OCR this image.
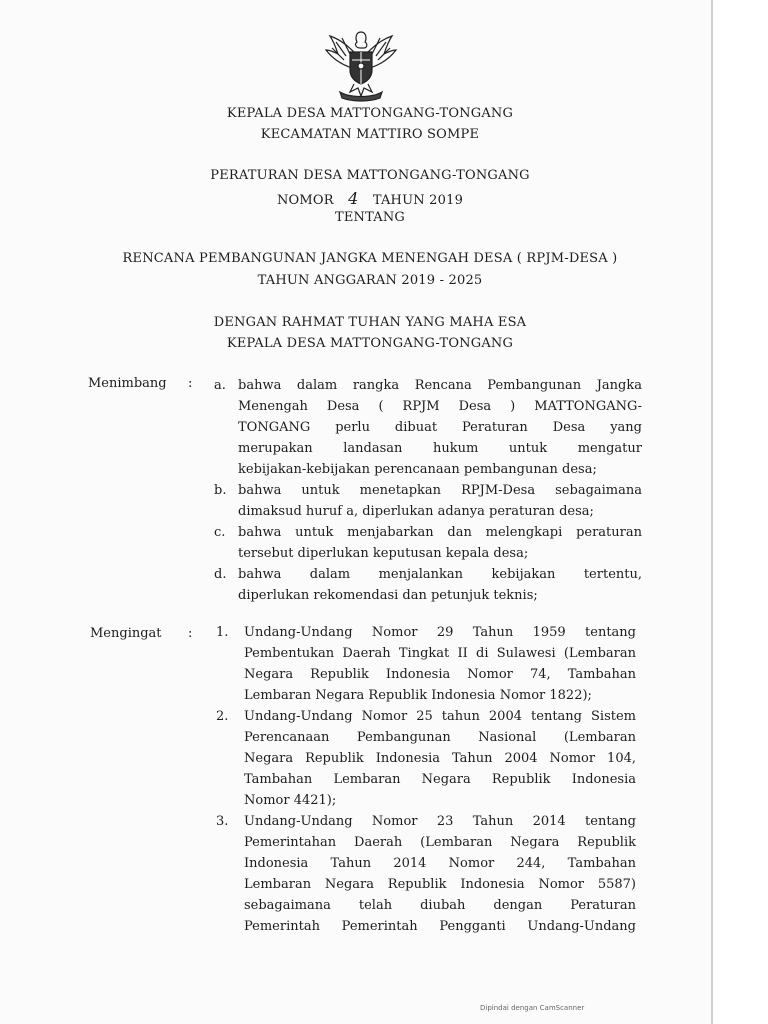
KEPALA DESA MATTONGANG-TONGANG
KECAMATAN MATTIRO SOMPE
PERATURAN DESA MATTONGANG-TONGANG
NOMOR 4 TAHUN 2019
TENTANG
RENCANA PEMBANGUNAN JANGKA MENENGAH DESA ( RPJM-DESA )
TAHUN ANGGARAN 2019 - 2025
DENGAN RAHMAT TUHAN YANG MAHA ESA
KEPALA DESA MATTONGANG-TONGANG
Menimbang : a. bahwa dalam rangka Rencana Pembangunan Jangka
Menengah Desa ( RPJM Desa ) MATTONGANG-
TONGANG perlu dibuat Peraturan Desa yang
merupakan landasan hukum untuk mengatur
kebijakan-kebijakan perencanaan pembangunan desa;
b. bahwa untuk menetapkan RPJM-Desa sebagaimana
dimaksud huruf a, diperlukan adanya peraturan desa;
c. bahwa untuk menjabarkan dan melengkapi peraturan
tersebut diperlukan keputusan kepala desa;
d. bahwa dalam menjalankan kebijakan tertentu,
diperlukan rekomendasi dan petunjuk teknis;
Mengingat : 1. Undang-Undang Nomor 29 Tahun 1959 tentang
Pembentukan Daerah Tingkat II di Sulawesi (Lembaran
Negara Republik Indonesia Nomor 74, Tambahan
Lembaran Negara Republik Indonesia Nomor 1822);
2. Undang-Undang Nomor 25 tahun 2004 tentang Sistem
Perencanaan Pembangunan Nasional (Lembaran
Negara Republik Indonesia Tahun 2004 Nomor 104,
Tambahan Lembaran Negara Republik Indonesia
Nomor 4421);
3. Undang-Undang Nomor 23 Tahun 2014 tentang
Pemerintahan Daerah (Lembaran Negara Republik
Indonesia Tahun 2014 Nomor 244, Tambahan
Lembaran Negara Republik Indonesia Nomor 5587)
sebagaimana telah diubah dengan Peraturan
Pemerintah Pemerintah Pengganti Undang-Undang
Dipindai dengan CamScanner
